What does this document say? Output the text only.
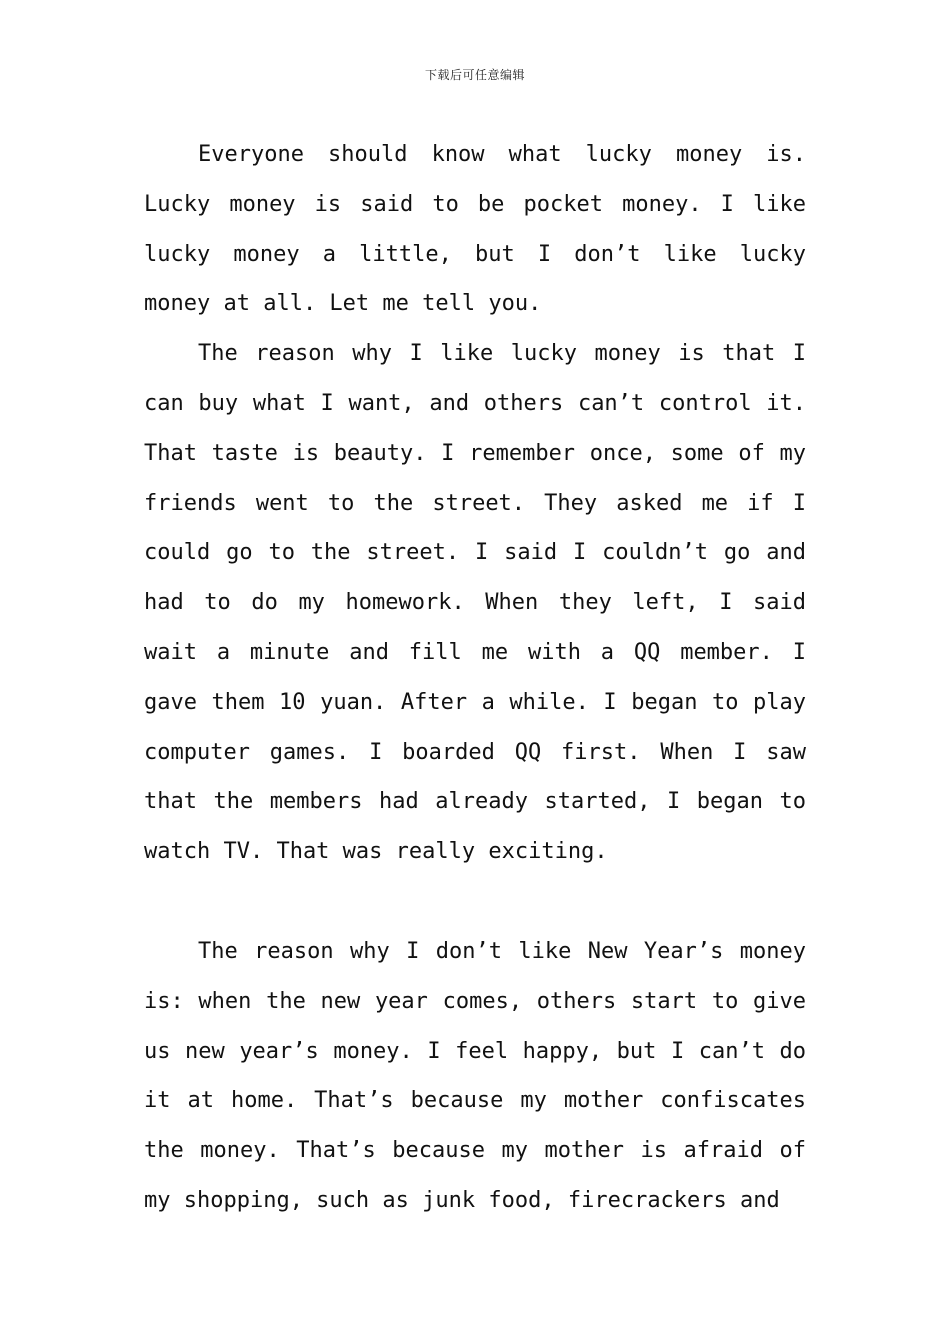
下载后可任意编辑

Everyone should know what lucky money is. Lucky money is said to be pocket money. I like lucky money a little, but I don’t like lucky money at all. Let me tell you.

The reason why I like lucky money is that I can buy what I want, and others can’t control it. That taste is beauty. I remember once, some of my friends went to the street. They asked me if I could go to the street. I said I couldn’t go and had to do my homework. When they left, I said wait a minute and fill me with a QQ member. I gave them 10 yuan. After a while. I began to play computer games. I boarded QQ first. When I saw that the members had already started, I began to watch TV. That was really exciting.

The reason why I don’t like New Year’s money is: when the new year comes, others start to give us new year’s money. I feel happy, but I can’t do it at home. That’s because my mother confiscates the money. That’s because my mother is afraid of my shopping, such as junk food, firecrackers and
